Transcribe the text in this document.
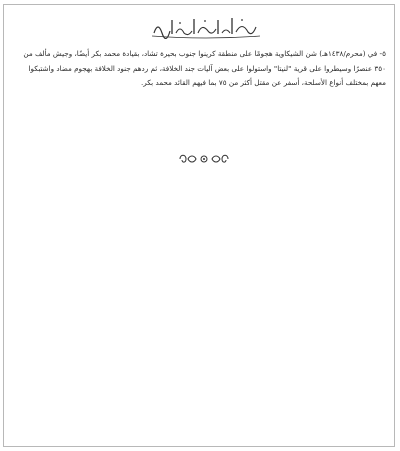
٥- في (محرم/١٤٣٨هـ) شن الشيكاوية هجومًا على منطقة كرينوا جنوب بحيرة تشاد، بقيادة محمد بكر أيضًا، وجيش مألف من ٣٥٠ عنصرًا وسيطروا على قرية "لنيتا" واستولوا على بعض آليات جند الخلافة، ثم ردهم جنود الخلافة بهجوم مضاد واشتبكوا معهم بمختلف أنواع الأسلحة، أسفر عن مقتل أكثر من ٧٥ بما فيهم القائد محمد بكر.
